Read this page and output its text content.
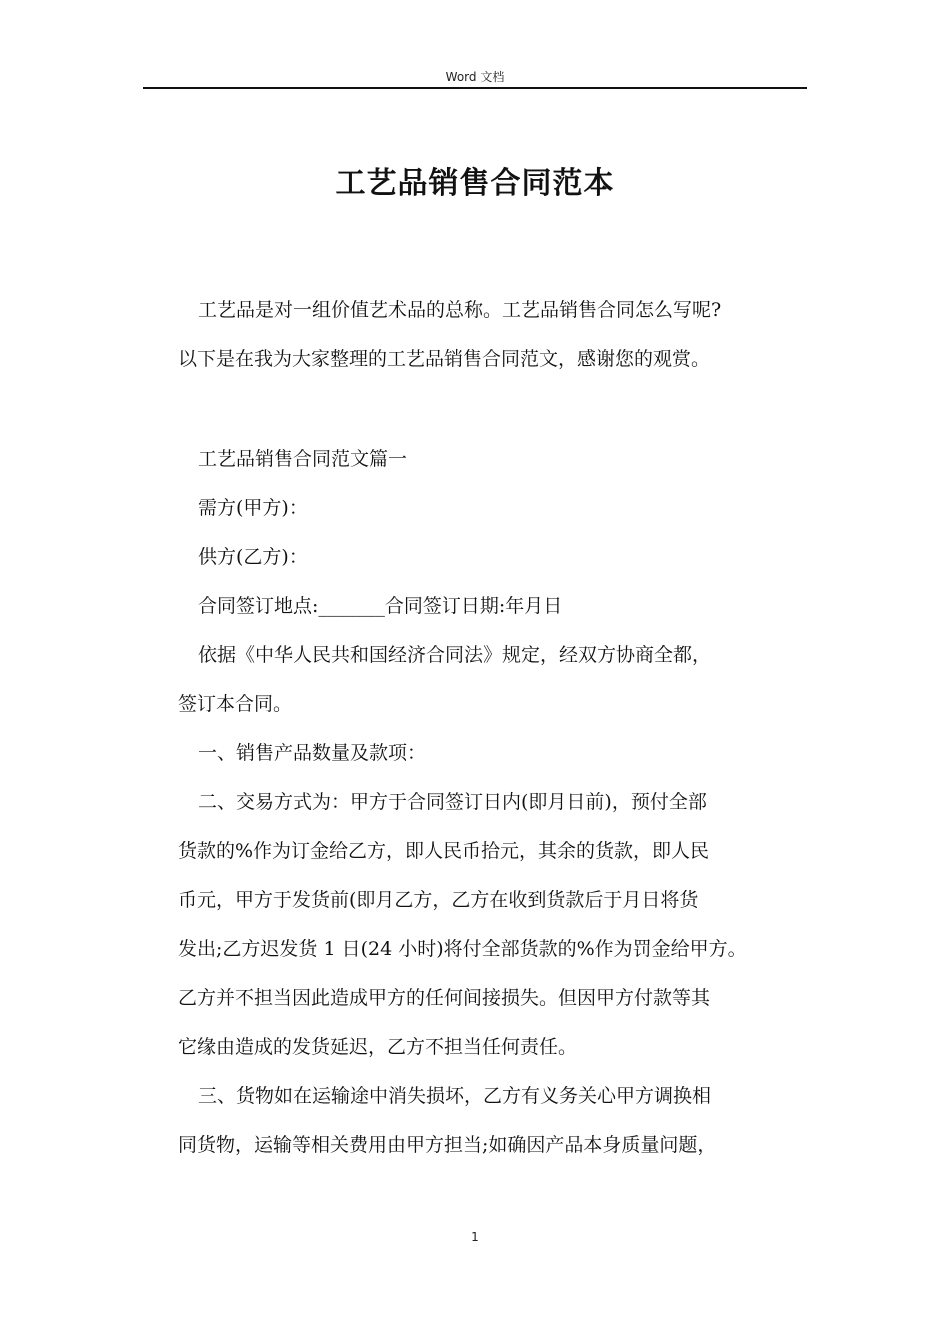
Word 文档
工艺品销售合同范本
工艺品是对一组价值艺术品的总称。工艺品销售合同怎么写呢?
以下是在我为大家整理的工艺品销售合同范文，感谢您的观赏。
工艺品销售合同范文篇一
需方(甲方)：
供方(乙方)：
合同签订地点:_______合同签订日期:年月日
依据《中华人民共和国经济合同法》规定，经双方协商全都，
签订本合同。
一、销售产品数量及款项：
二、交易方式为：甲方于合同签订日内(即月日前)，预付全部
货款的%作为订金给乙方，即人民币拾元，其余的货款，即人民
币元，甲方于发货前(即月乙方，乙方在收到货款后于月日将货
发出;乙方迟发货 1 日(24 小时)将付全部货款的%作为罚金给甲方。
乙方并不担当因此造成甲方的任何间接损失。但因甲方付款等其
它缘由造成的发货延迟，乙方不担当任何责任。
三、货物如在运输途中消失损坏，乙方有义务关心甲方调换相
同货物，运输等相关费用由甲方担当;如确因产品本身质量问题，
1
